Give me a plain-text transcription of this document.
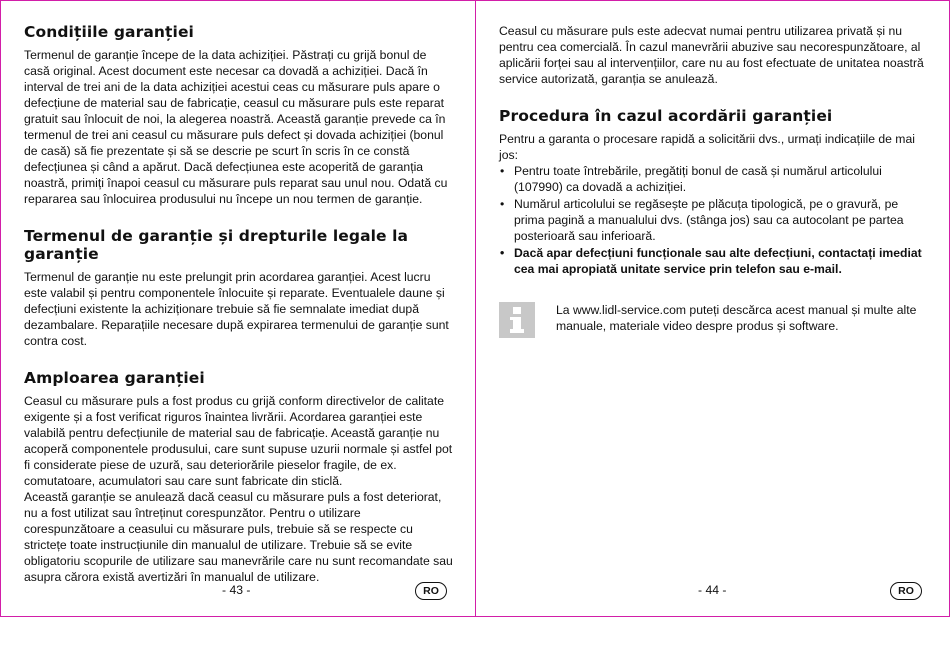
Condițiile garanției

Termenul de garanție începe de la data achiziției. Păstrați cu grijă bonul de casă original. Acest document este necesar ca dovadă a achiziției. Dacă în interval de trei ani de la data achiziției acestui ceas cu măsurare puls apare o defecțiune de material sau de fabricație, ceasul cu măsurare puls este reparat gratuit sau înlocuit de noi, la alegerea noastră. Această garanție prevede ca în termenul de trei ani ceasul cu măsurare puls defect și dovada achiziției (bonul de casă) să fie prezentate și să se descrie pe scurt în scris în ce constă defecțiunea și când a apărut. Dacă defecțiunea este acoperită de garanția noastră, primiți înapoi ceasul cu măsurare puls reparat sau unul nou. Odată cu repararea sau înlocuirea produsului nu începe un nou termen de garanție.

Termenul de garanție și drepturile legale la garanție

Termenul de garanție nu este prelungit prin acordarea garanției. Acest lucru este valabil și pentru componentele înlocuite și reparate. Eventualele daune și defecțiuni existente la achiziționare trebuie să fie semnalate imediat după dezambalare. Reparațiile necesare după expirarea termenului de garanție sunt contra cost.

Amploarea garanției

Ceasul cu măsurare puls a fost produs cu grijă conform directivelor de calitate exigente și a fost verificat riguros înaintea livrării. Acordarea garanției este valabilă pentru defecțiunile de material sau de fabricație. Această garanție nu acoperă componentele produsului, care sunt supuse uzurii normale și astfel pot fi considerate piese de uzură, sau deteriorările pieselor fragile, de ex. comutatoare, acumulatori sau care sunt fabricate din sticlă.

Această garanție se anulează dacă ceasul cu măsurare puls a fost deteriorat, nu a fost utilizat sau întreținut corespunzător. Pentru o utilizare corespunzătoare a ceasului cu măsurare puls, trebuie să se respecte cu strictețe toate instrucțiunile din manualul de utilizare. Trebuie să se evite obligatoriu scopurile de utilizare sau manevrările care nu sunt recomandate sau asupra cărora există avertizări în manualul de utilizare.

- 43 -	RO

Ceasul cu măsurare puls este adecvat numai pentru utilizarea privată și nu pentru cea comercială. În cazul manevrării abuzive sau necorespunzătoare, al aplicării forței sau al intervențiilor, care nu au fost efectuate de unitatea noastră service autorizată, garanția se anulează.

Procedura în cazul acordării garanției

Pentru a garanta o procesare rapidă a solicitării dvs., urmați indicațiile de mai jos:

• Pentru toate întrebările, pregătiți bonul de casă și numărul articolului (107990) ca dovadă a achiziției.
• Numărul articolului se regăsește pe plăcuța tipologică, pe o gravură, pe prima pagină a manualului dvs. (stânga jos) sau ca autocolant pe partea posterioară sau inferioară.
• Dacă apar defecțiuni funcționale sau alte defecțiuni, contactați imediat cea mai apropiată unitate service prin telefon sau e-mail.
La www.lidl-service.com puteți descărca acest manual și multe alte manuale, materiale video despre produs și software.
- 44 -	RO
